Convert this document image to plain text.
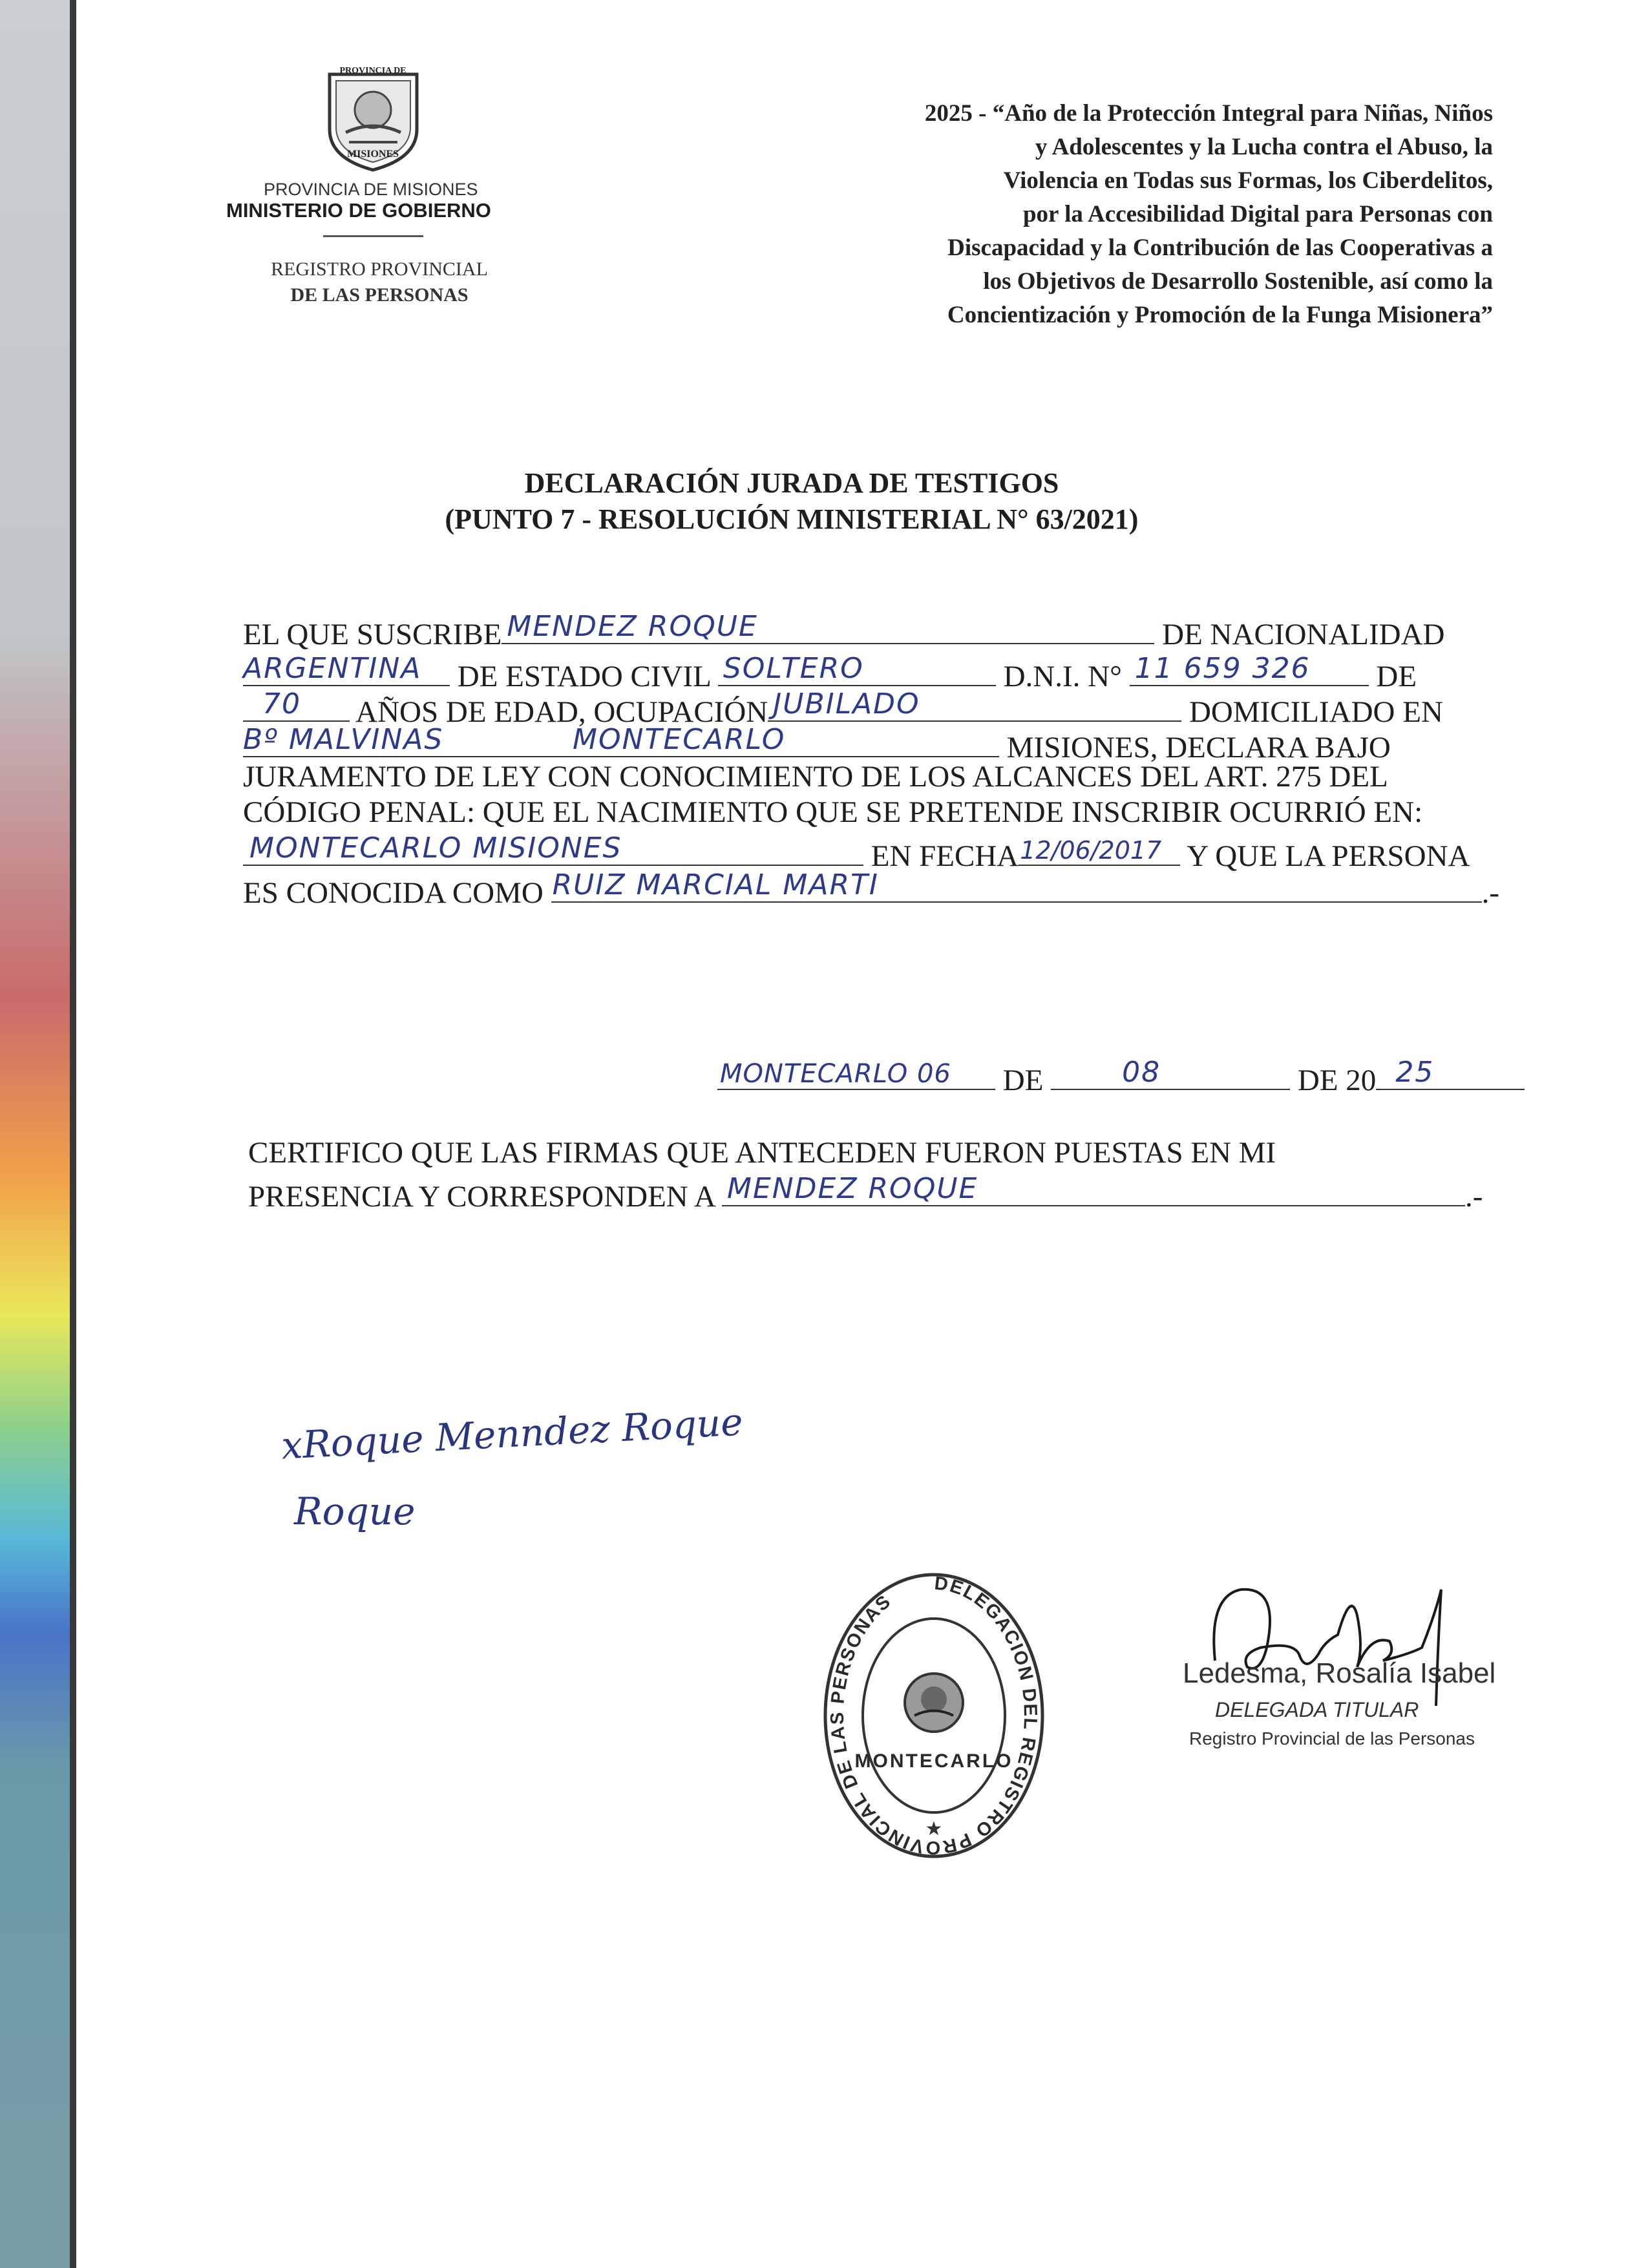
PROVINCIA DE
MISIONES
PROVINCIA DE MISIONES
MINISTERIO DE GOBIERNO
REGISTRO PROVINCIAL
DE LAS PERSONAS
2025 - “Año de la Protección Integral para Niñas, Niños
y Adolescentes y la Lucha contra el Abuso, la
Violencia en Todas sus Formas, los Ciberdelitos,
por la Accesibilidad Digital para Personas con
Discapacidad y la Contribución de las Cooperativas a
los Objetivos de Desarrollo Sostenible, así como la
Concientización y Promoción de la Funga Misionera”
DECLARACIÓN JURADA DE TESTIGOS
(PUNTO 7 - RESOLUCIÓN MINISTERIAL N° 63/2021)
EL QUE SUSCRIBE MENDEZ ROQUE	DE NACIONALIDAD
ARGENTINA DE ESTADO CIVIL SOLTERO	D.N.I. N° 11 659 326 DE
70 AÑOS DE EDAD, OCUPACIÓN JUBILADO	DOMICILIADO EN
Bº MALVINAS	MONTECARLO	MISIONES, DECLARA BAJO
JURAMENTO DE LEY CON CONOCIMIENTO DE LOS ALCANCES DEL ART. 275 DEL
CÓDIGO PENAL: QUE EL NACIMIENTO QUE SE PRETENDE INSCRIBIR OCURRIÓ EN:
MONTECARLO MISIONES	EN FECHA 12/06/2017 Y QUE LA PERSONA
ES CONOCIDA COMO RUIZ MARCIAL MARTI	.-
MONTECARLO 06 DE	08	DE 20 25
CERTIFICO QUE LAS FIRMAS QUE ANTECEDEN FUERON PUESTAS EN MI
PRESENCIA Y CORRESPONDEN A MENDEZ ROQUE	.-
xRoque Menndez Roque
Roque
DELEGACION DEL REGISTRO PROVINCIAL DE LAS PERSONAS
MONTECARLO
★
Ledesma, Rosalía Isabel
DELEGADA TITULAR
Registro Provincial de las Personas
